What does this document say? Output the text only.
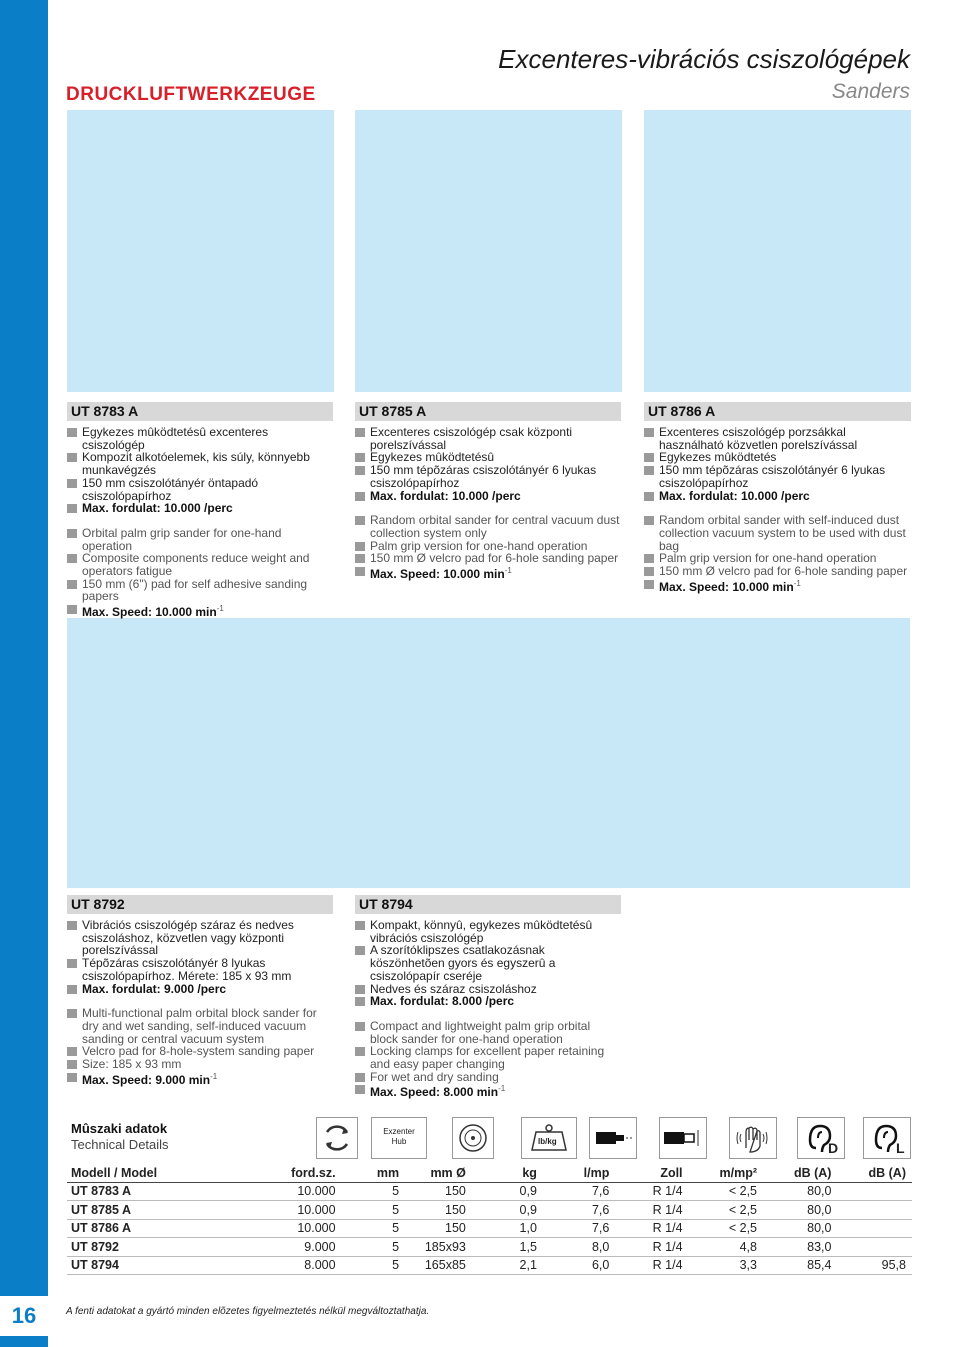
16
DRUCKLUFTWERKZEUGE
Excenteres-vibrációs csiszológépek
Sanders
UT 8783 A

Egykezes mûködtetésû excenteres csiszológép

Kompozit alkotóelemek, kis súly, könnyebb munkavégzés

150 mm csiszolótányér öntapadó csiszolópapírhoz

Max. fordulat: 10.000 /perc

Orbital palm grip sander for one-hand operation

Composite components reduce weight and operators fatigue

150 mm (6") pad for self adhesive sanding papers

Max. Speed: 10.000 $\min^{-1}$

UT 8785 A

Excenteres csiszológép csak központi porelszívással

Egykezes mûködtetésû

150 mm tépõzáras csiszolótányér 6 lyukas csiszolópapírhoz

Max. fordulat: 10.000 /perc

Random orbital sander for central vacuum dust collection system only

Palm grip version for one-hand operation

150 mm Ø velcro pad for 6-hole sanding paper

Max. Speed: 10.000 $\min^{-1}$

UT 8786 A

Excenteres csiszológép porzsákkal használható közvetlen porelszívással

Egykezes mûködtetés

150 mm tépõzáras csiszolótányér 6 lyukas csiszolópapírhoz

Max. fordulat: 10.000 /perc

Random orbital sander with self-induced dust collection vacuum system to be used with dust bag

Palm grip version for one-hand operation

150 mm Ø velcro pad for 6-hole sanding paper

Max. Speed: 10.000 $\min^{-1}$

UT 8792

Vibrációs csiszológép száraz és nedves csiszoláshoz, közvetlen vagy központi porelszívással

Tépõzáras csiszolótányér 8 lyukas csiszolópapírhoz. Mérete: 185 x 93 mm

Max. fordulat: 9.000 /perc

Multi-functional palm orbital block sander for dry and wet sanding, self-induced vacuum sanding or central vacuum system

Velcro pad for 8-hole-system sanding paper

Size: 185 x 93 mm

Max. Speed: 9.000 $\min^{-1}$

UT 8794

Kompakt, könnyû, egykezes mûködtetésû vibrációs csiszológép

A szorítóklipszes csatlakozásnak köszönhetõen gyors és egyszerû a csiszolópapír cseréje

Nedves és száraz csiszoláshoz

Max. fordulat: 8.000 /perc

Compact and lightweight palm grip orbital block sander for one-hand operation

Locking clamps for excellent paper retaining and easy paper changing

For wet and dry sanding

Max. Speed: 8.000 $\min^{-1}$

Mûszaki adatok
Technical Details
Exzenter Hub	lb/kg	D	L
Modell / Model	ford.sz.	mm	mm Ø	kg	l/mp	Zoll	m/mp²	dB (A)	dB (A)
UT 8783 A	10.000	5	150	0,9	7,6	R 1/4	< 2,5	80,0	
UT 8785 A	10.000	5	150	0,9	7,6	R 1/4	< 2,5	80,0	
UT 8786 A	10.000	5	150	1,0	7,6	R 1/4	< 2,5	80,0	
UT 8792	9.000	5	185x93	1,5	8,0	R 1/4	4,8	83,0	
UT 8794	8.000	5	165x85	2,1	6,0	R 1/4	3,3	85,4	95,8
A fenti adatokat a gyártó minden elõzetes figyelmeztetés nélkül megváltoztathatja.
